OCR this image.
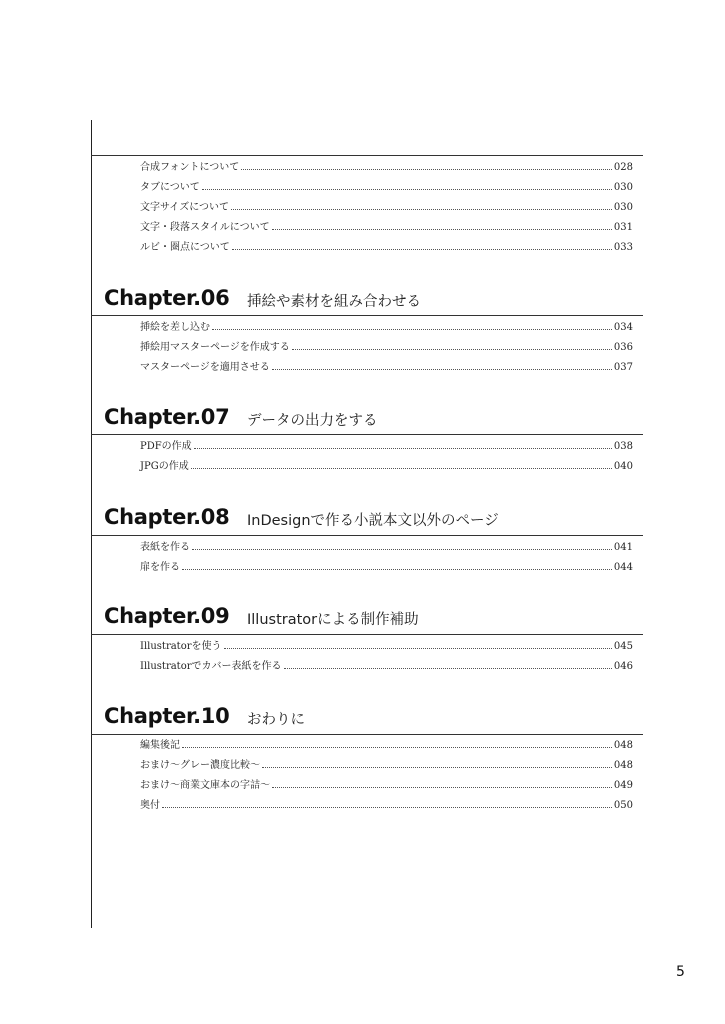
合成フォントについて	028
タブについて	030
文字サイズについて	030
文字・段落スタイルについて	031
ルビ・圏点について	033
Chapter.06 挿絵や素材を組み合わせる
挿絵を差し込む	034
挿絵用マスターページを作成する	036
マスターページを適用させる	037
Chapter.07 データの出力をする
PDFの作成	038
JPGの作成	040
Chapter.08 InDesignで作る小説本文以外のページ
表紙を作る	041
扉を作る	044
Chapter.09 Illustratorによる制作補助
Illustratorを使う	045
Illustratorでカバー表紙を作る	046
Chapter.10 おわりに
編集後記	048
おまけ～グレー濃度比較～	048
おまけ～商業文庫本の字詰～	049
奥付	050
5
